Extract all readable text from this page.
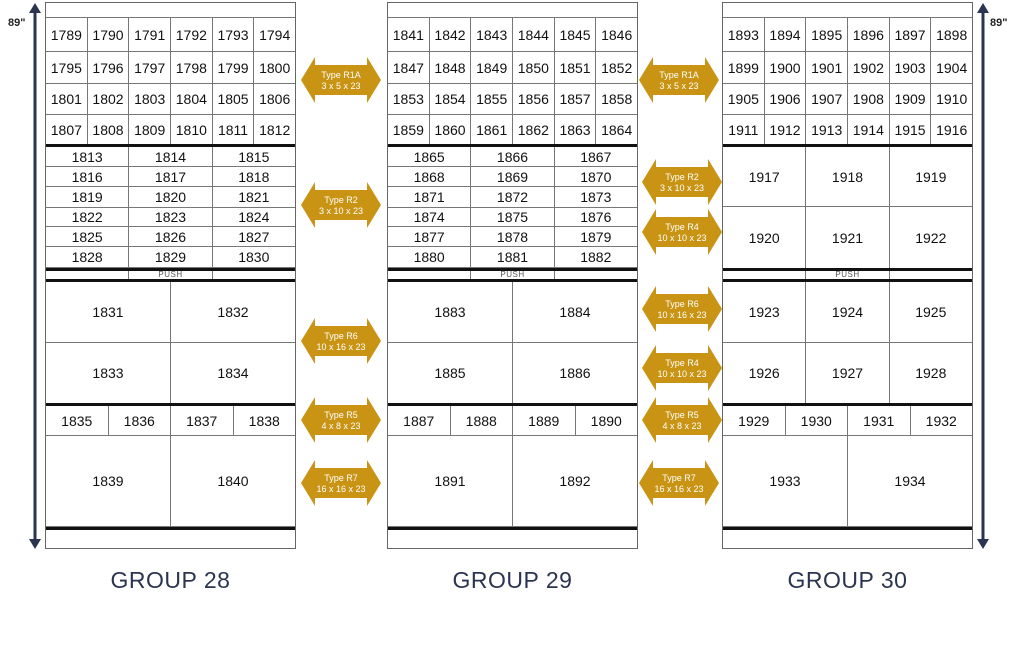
89"	89"
1789 1790 1791 1792 1793 1794
1795 1796 1797 1798 1799 1800
1801 1802 1803 1804 1805 1806
1807 1808 1809 1810 1811 1812
1813	1814	1815
1816	1817	1818
1819	1820	1821
1822	1823	1824
1825	1826	1827
1828	1829	1830
PUSH
1831	1832
1833	1834
1835	1836	1837	1838
1839	1840
1841 1842 1843 1844 1845 1846
1847 1848 1849 1850 1851 1852
1853 1854 1855 1856 1857 1858
1859 1860 1861 1862 1863 1864
1865	1866	1867
1868	1869	1870
1871	1872	1873
1874	1875	1876
1877	1878	1879
1880	1881	1882
PUSH
1883	1884
1885	1886
1887	1888	1889	1890
1891	1892
1893 1894 1895 1896 1897 1898
1899 1900 1901 1902 1903 1904
1905 1906 1907 1908 1909 1910
1911 1912 1913 1914 1915 1916
1917	1918	1919
1920	1921	1922
PUSH
1923	1924	1925
1926	1927	1928
1929	1930	1931	1932
1933	1934
GROUP 28	GROUP 29	GROUP 30
Type R1A
3 x 5 x 23
Type R2
3 x 10 x 23
Type R6
10 x 16 x 23
Type R5
4 x 8 x 23
Type R7
16 x 16 x 23
Type R1A
3 x 5 x 23
Type R2
3 x 10 x 23
Type R4
10 x 10 x 23
Type R6
10 x 16 x 23
Type R4
10 x 10 x 23
Type R5
4 x 8 x 23
Type R7
16 x 16 x 23
